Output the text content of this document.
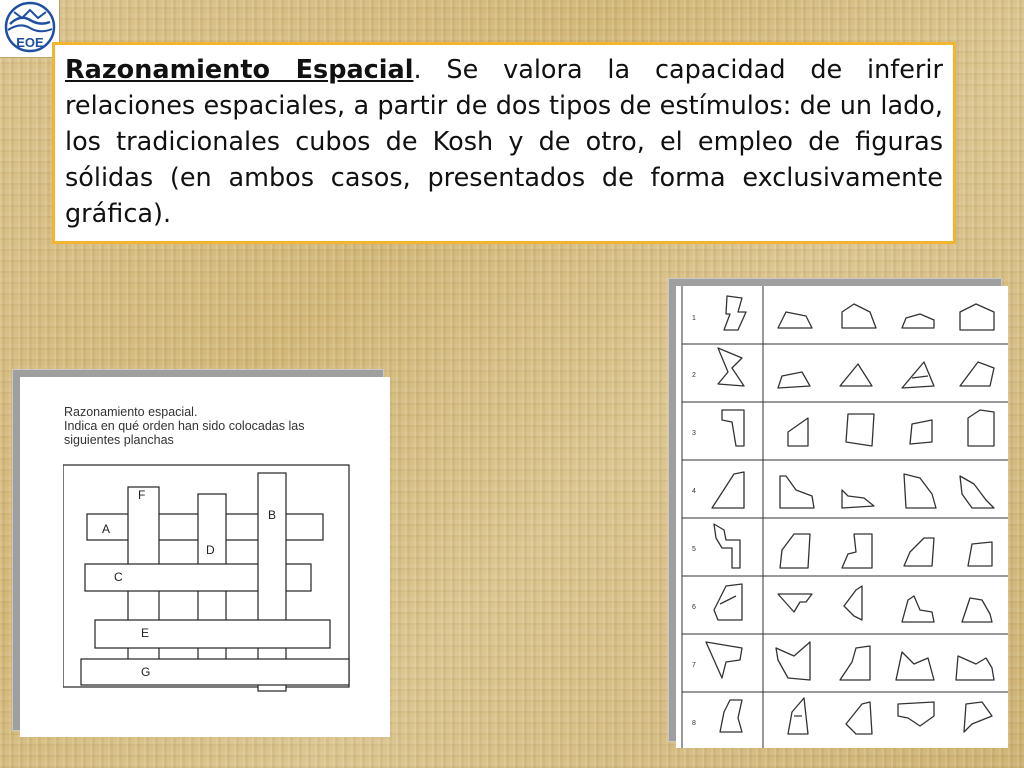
EOE
Razonamiento Espacial. Se valora la capacidad de inferir relaciones espaciales, a partir de dos tipos de estímulos: de un lado, los tradicionales cubos de Kosh y de otro, el empleo de figuras sólidas (en ambos casos, presentados de forma exclusivamente gráfica).
Razonamiento espacial.
Indica en qué orden han sido colocadas las
siguientes planchas
A
F
D
B
C
E
G
1
2
3
4
5
6
7
8
